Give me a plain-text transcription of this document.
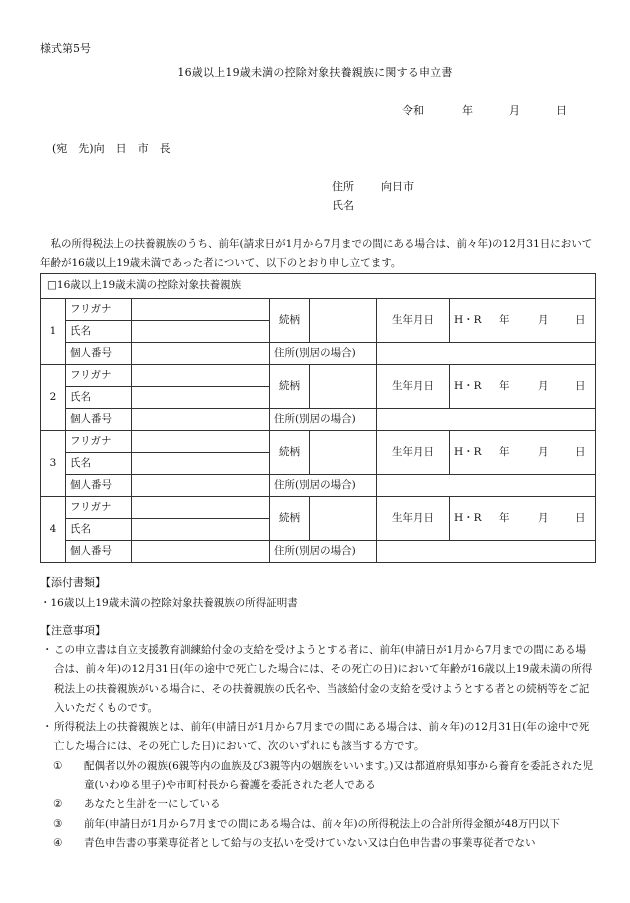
様式第5号
16歳以上19歳未満の控除対象扶養親族に関する申立書
令和	年	月	日
(宛　先)向　日　市　長
住所 向日市
氏名
私の所得税法上の扶養親族のうち、前年(請求日が1月から7月までの間にある場合は、前々年)の12月31日において年齢が16歳以上19歳未満であった者について、以下のとおり申し立てます。
□16歳以上19歳未満の控除対象扶養親族						
1	フリガナ		続柄		生年月日	H・R 年 月 日

	氏名					
	個人番号		住所(別居の場合)			
2	フリガナ		続柄		生年月日	H・R 年 月 日

	氏名					
	個人番号		住所(別居の場合)			
3	フリガナ		続柄		生年月日	H・R 年 月 日

	氏名					
	個人番号		住所(別居の場合)			
4	フリガナ		続柄		生年月日	H・R 年 月 日

	氏名					
	個人番号		住所(別居の場合)			
【添付書類】
・16歳以上19歳未満の控除対象扶養親族の所得証明書
【注意事項】
・ この申立書は自立支援教育訓練給付金の支給を受けようとする者に、前年(申請日が1月から7月までの間にある場合は、前々年)の12月31日(年の途中で死亡した場合には、その死亡の日)において年齢が16歳以上19歳未満の所得税法上の扶養親族がいる場合に、その扶養親族の氏名や、当該給付金の支給を受けようとする者との続柄等をご記入いただくものです。
・ 所得税法上の扶養親族とは、前年(申請日が1月から7月までの間にある場合は、前々年)の12月31日(年の途中で死亡した場合には、その死亡した日)において、次のいずれにも該当する方です。
① 配偶者以外の親族(6親等内の血族及び3親等内の姻族をいいます。)又は都道府県知事から養育を委託された児童(いわゆる里子)や市町村長から養護を委託された老人である
② あなたと生計を一にしている
③ 前年(申請日が1月から7月までの間にある場合は、前々年)の所得税法上の合計所得金額が48万円以下
④ 青色申告書の事業専従者として給与の支払いを受けていない又は白色申告書の事業専従者でない
